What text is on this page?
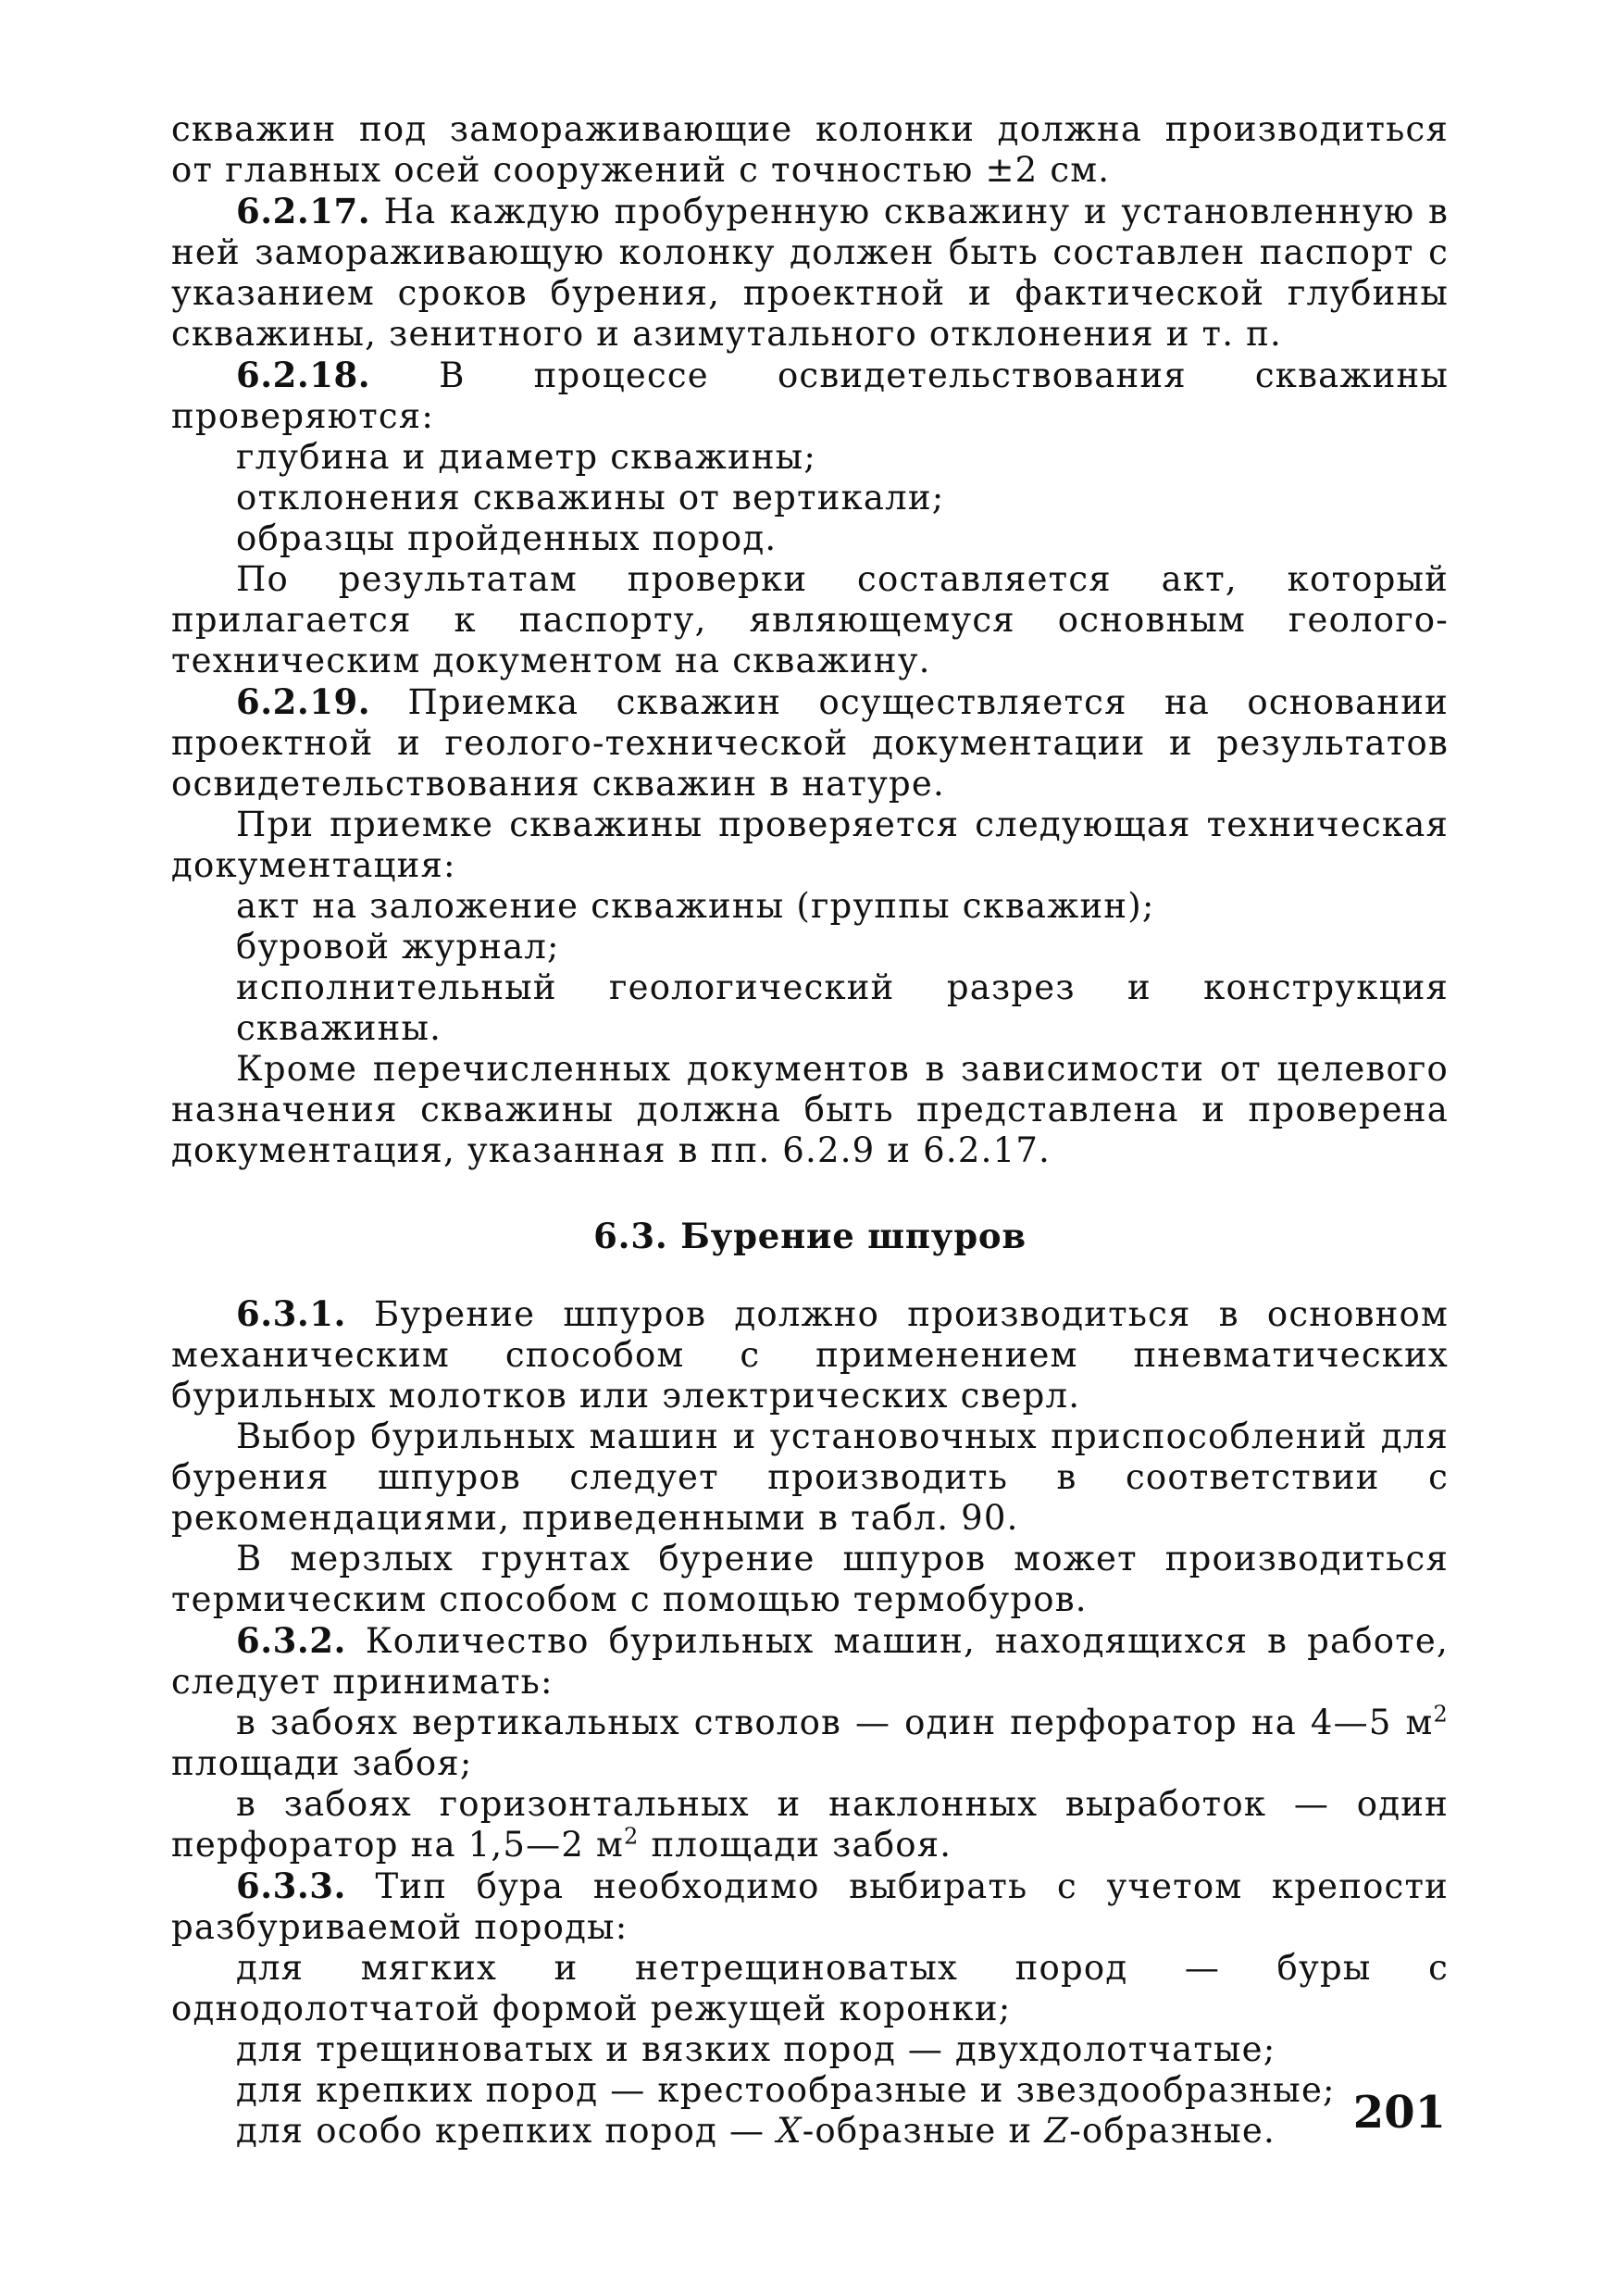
скважин под замораживающие колонки должна производиться от главных осей сооружений с точностью ±2 см.

6.2.17. На каждую пробуренную скважину и установленную в ней замораживающую колонку должен быть составлен паспорт с указанием сроков бурения, проектной и фактической глубины скважины, зенитного и азимутального отклонения и т. п.

6.2.18. В процессе освидетельствования скважины проверяются:

глубина и диаметр скважины;

отклонения скважины от вертикали;

образцы пройденных пород.

По результатам проверки составляется акт, который прилагается к паспорту, являющемуся основным геолого-техническим документом на скважину.

6.2.19. Приемка скважин осуществляется на основании проектной и геолого-технической документации и результатов освидетельствования скважин в натуре.

При приемке скважины проверяется следующая техническая документация:

акт на заложение скважины (группы скважин);

буровой журнал;

исполнительный геологический разрез и конструкция скважины.

Кроме перечисленных документов в зависимости от целевого назначения скважины должна быть представлена и проверена документация, указанная в пп. 6.2.9 и 6.2.17.

6.3. Бурение шпуров

6.3.1. Бурение шпуров должно производиться в основном механическим способом с применением пневматических бурильных молотков или электрических сверл.

Выбор бурильных машин и установочных приспособлений для бурения шпуров следует производить в соответствии с рекомендациями, приведенными в табл. 90.

В мерзлых грунтах бурение шпуров может производиться термическим способом с помощью термобуров.

6.3.2. Количество бурильных машин, находящихся в работе, следует принимать:

в забоях вертикальных стволов — один перфоратор на 4—5 $м^2$ площади забоя;

в забоях горизонтальных и наклонных выработок — один перфоратор на 1,5—2 $м^2$ площади забоя.

6.3.3. Тип бура необходимо выбирать с учетом крепости разбуриваемой породы:

для мягких и нетрещиноватых пород — буры с однодолотчатой формой режущей коронки;

для трещиноватых и вязких пород — двухдолотчатые;

для крепких пород — крестообразные и звездообразные;

для особо крепких пород — X-образные и Z-образные.	201
